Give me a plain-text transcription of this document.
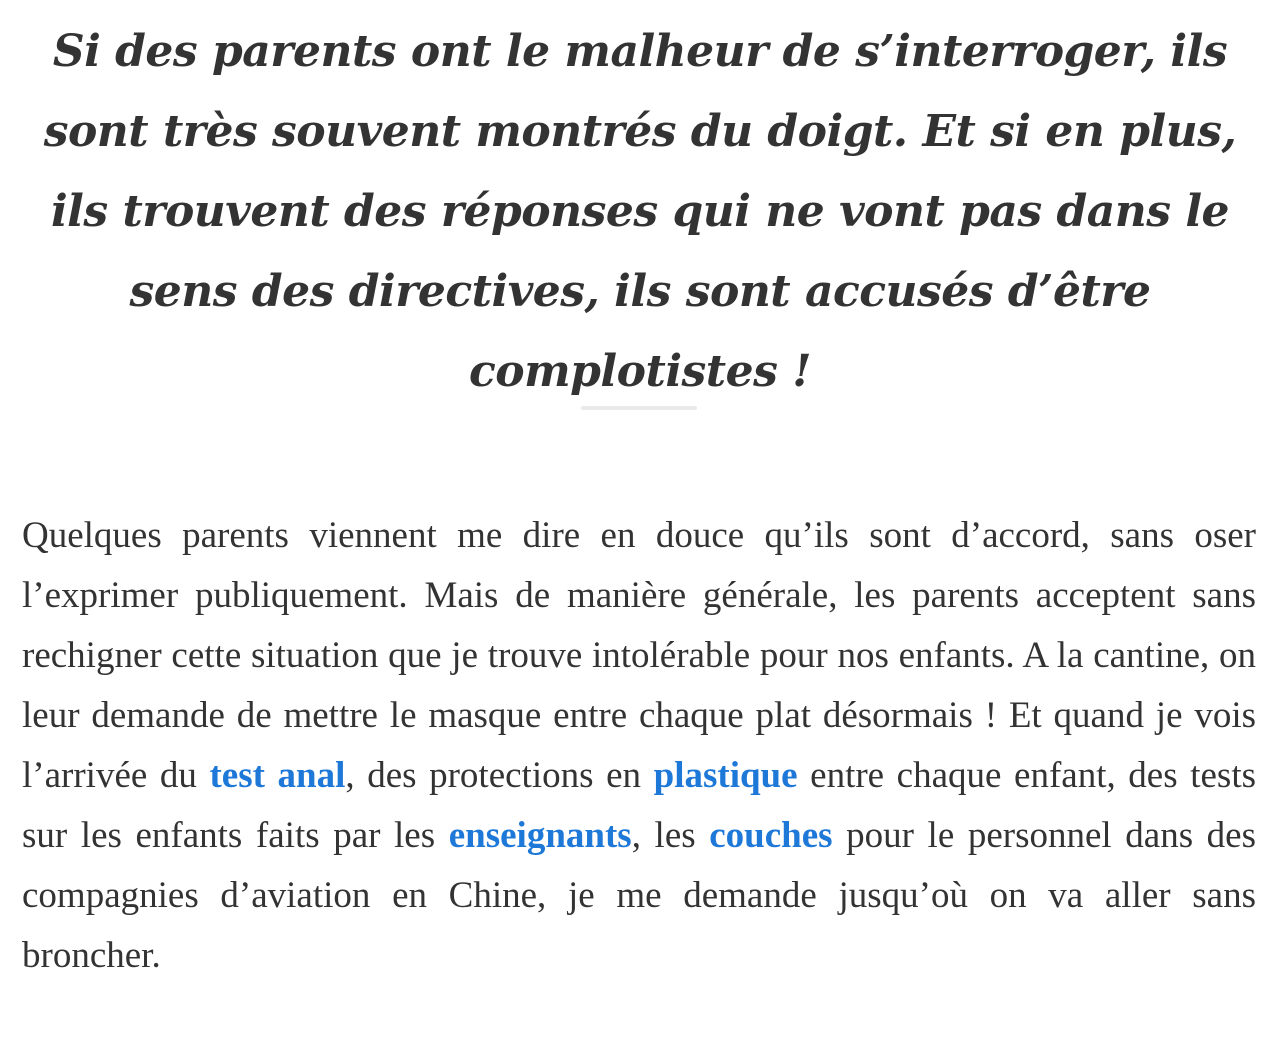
Si des parents ont le malheur de s’interroger, ils sont très souvent montrés du doigt. Et si en plus, ils trouvent des réponses qui ne vont pas dans le sens des directives, ils sont accusés d’être complotistes !

Quelques parents viennent me dire en douce qu’ils sont d’accord, sans oser l’exprimer publiquement. Mais de manière générale, les parents acceptent sans rechigner cette situation que je trouve intolérable pour nos enfants. A la cantine, on leur demande de mettre le masque entre chaque plat désormais ! Et quand je vois l’arrivée du test anal, des protections en plastique entre chaque enfant, des tests sur les enfants faits par les enseignants, les couches pour le personnel dans des compagnies d’aviation en Chine, je me demande jusqu’où on va aller sans broncher.
